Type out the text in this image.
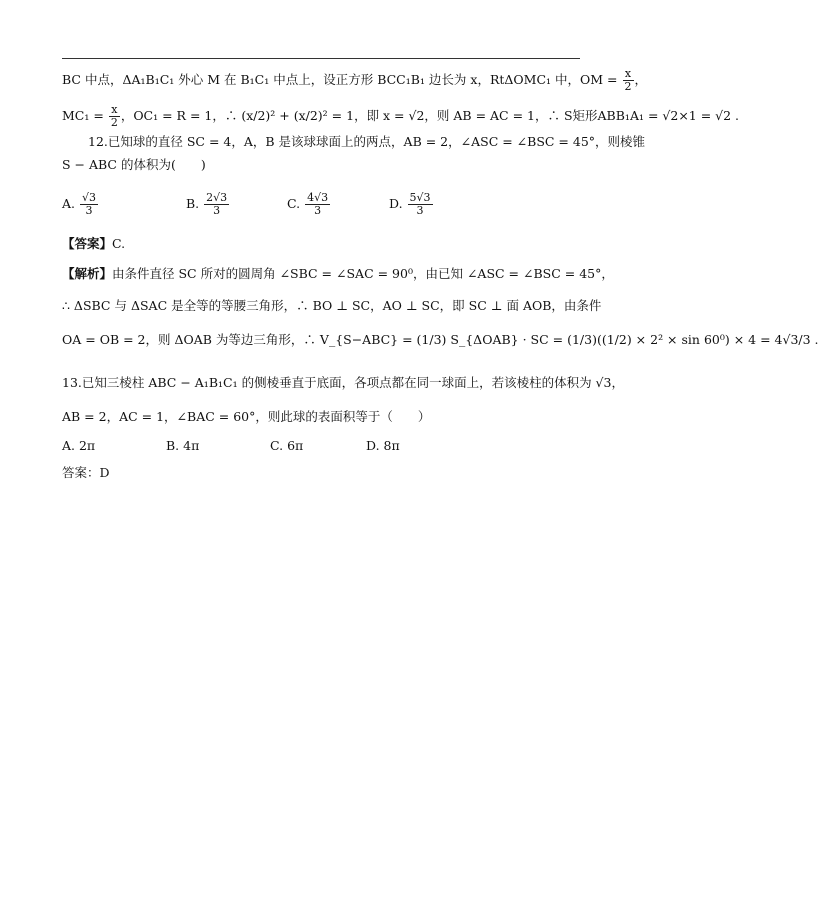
BC 中点，ΔA₁B₁C₁ 外心 M 在 B₁C₁ 中点上，设正方形 BCC₁B₁ 边长为 x，RtΔOMC₁ 中，OM = $\frac{x}{2}$ ，
$MC_1 = \frac{x}{2}$ ，OC₁ = R = 1，∴ (x/2)² + (x/2)² = 1，即 x = √2，则 AB = AC = 1，∴ S矩形ABB₁A₁ = √2×1 = √2 .
12.已知球的直径 SC = 4，A，B 是该球球面上的两点，AB = 2，∠ASC = ∠BSC = 45°，则棱锥
S − ABC 的体积为(　　)
A. $\frac{√3}{3}$	B. $\frac{2√3}{3}$	C. $\frac{4√3}{3}$	D. $\frac{5√3}{3}$
【答案】C.
【解析】由条件直径 SC 所对的圆周角 ∠SBC = ∠SAC = 90⁰，由已知 ∠ASC = ∠BSC = 45°，
∴ ΔSBC 与 ΔSAC 是全等的等腰三角形，∴ BO ⊥ SC，AO ⊥ SC，即 SC ⊥ 面 AOB，由条件
OA = OB = 2，则 ΔOAB 为等边三角形，∴ V_{S−ABC} = (1/3) S_{ΔOAB} · SC = (1/3)((1/2) × 2² × sin 60⁰) × 4 = 4√3/3 .
13.已知三棱柱 ABC − A₁B₁C₁ 的侧棱垂直于底面，各项点都在同一球面上，若该棱柱的体积为 √3，
AB = 2，AC = 1，∠BAC = 60°，则此球的表面积等于（　　）
A. 2π	B. 4π	C. 6π	D. 8π
答案：D
